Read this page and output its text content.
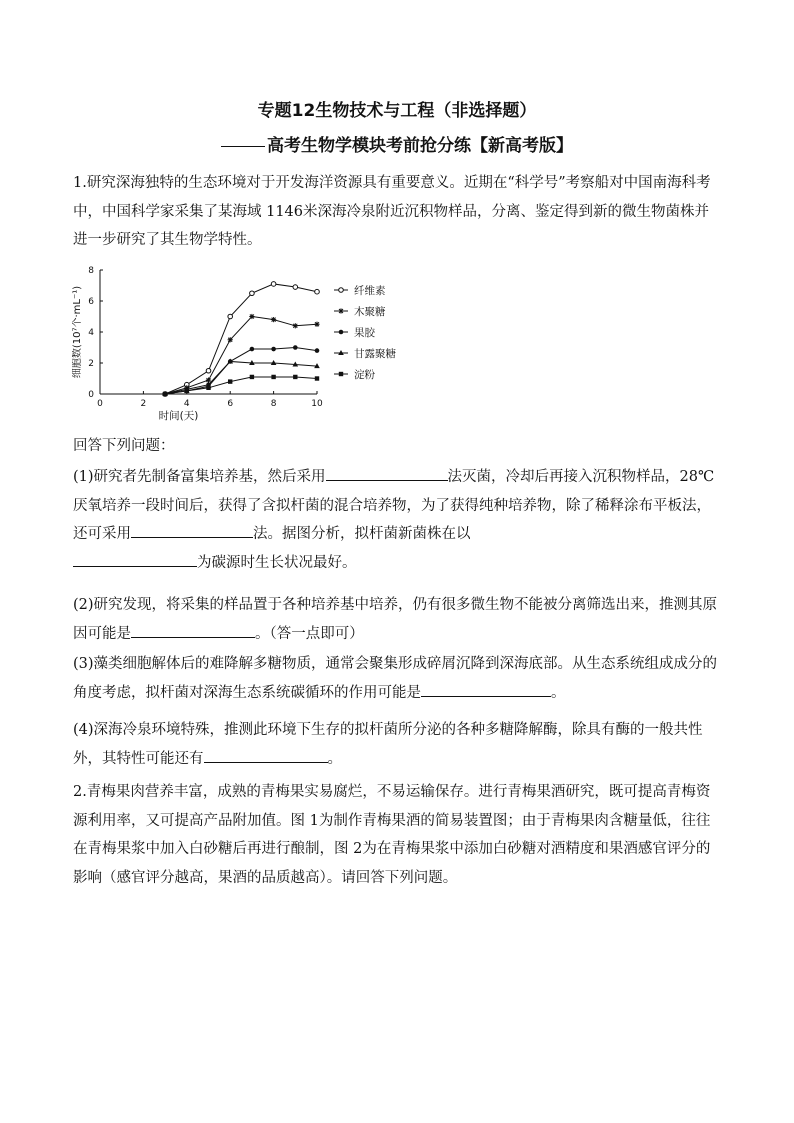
专题12生物技术与工程（非选择题）
高考生物学模块考前抢分练【新高考版】
1.研究深海独特的生态环境对于开发海洋资源具有重要意义。近期在“科学号”考察船对中国南海科考中，中国科学家采集了某海域 1146米深海冷泉附近沉积物样品，分离、鉴定得到新的微生物菌株并进一步研究了其生物学特性。
0	2	4	6	8	10
0
2
4
6
8
时间(天)
细胞数(10⁷个·mL⁻¹)	纤维素
木聚糖
果胶
甘露聚糖
淀粉
回答下列问题：
(1)研究者先制备富集培养基，然后采用	法灭菌，冷却后再接入沉积物样品，28℃厌氧培养一段时间后，获得了含拟杆菌的混合培养物，为了获得纯种培养物，除了稀释涂布平板法，还可采用	法。据图分析，拟杆菌新菌株在以
为碳源时生长状况最好。
(2)研究发现，将采集的样品置于各种培养基中培养，仍有很多微生物不能被分离筛选出来，推测其原因可能是	。（答一点即可）
(3)藻类细胞解体后的难降解多糖物质，通常会聚集形成碎屑沉降到深海底部。从生态系统组成成分的角度考虑，拟杆菌对深海生态系统碳循环的作用可能是	。
(4)深海冷泉环境特殊，推测此环境下生存的拟杆菌所分泌的各种多糖降解酶，除具有酶的一般共性外，其特性可能还有	。
2.青梅果肉营养丰富，成熟的青梅果实易腐烂，不易运输保存。进行青梅果酒研究，既可提高青梅资源利用率，又可提高产品附加值。图 1为制作青梅果酒的简易装置图；由于青梅果肉含糖量低，往往在青梅果浆中加入白砂糖后再进行酿制，图 2为在青梅果浆中添加白砂糖对酒精度和果酒感官评分的影响（感官评分越高，果酒的品质越高）。请回答下列问题。
